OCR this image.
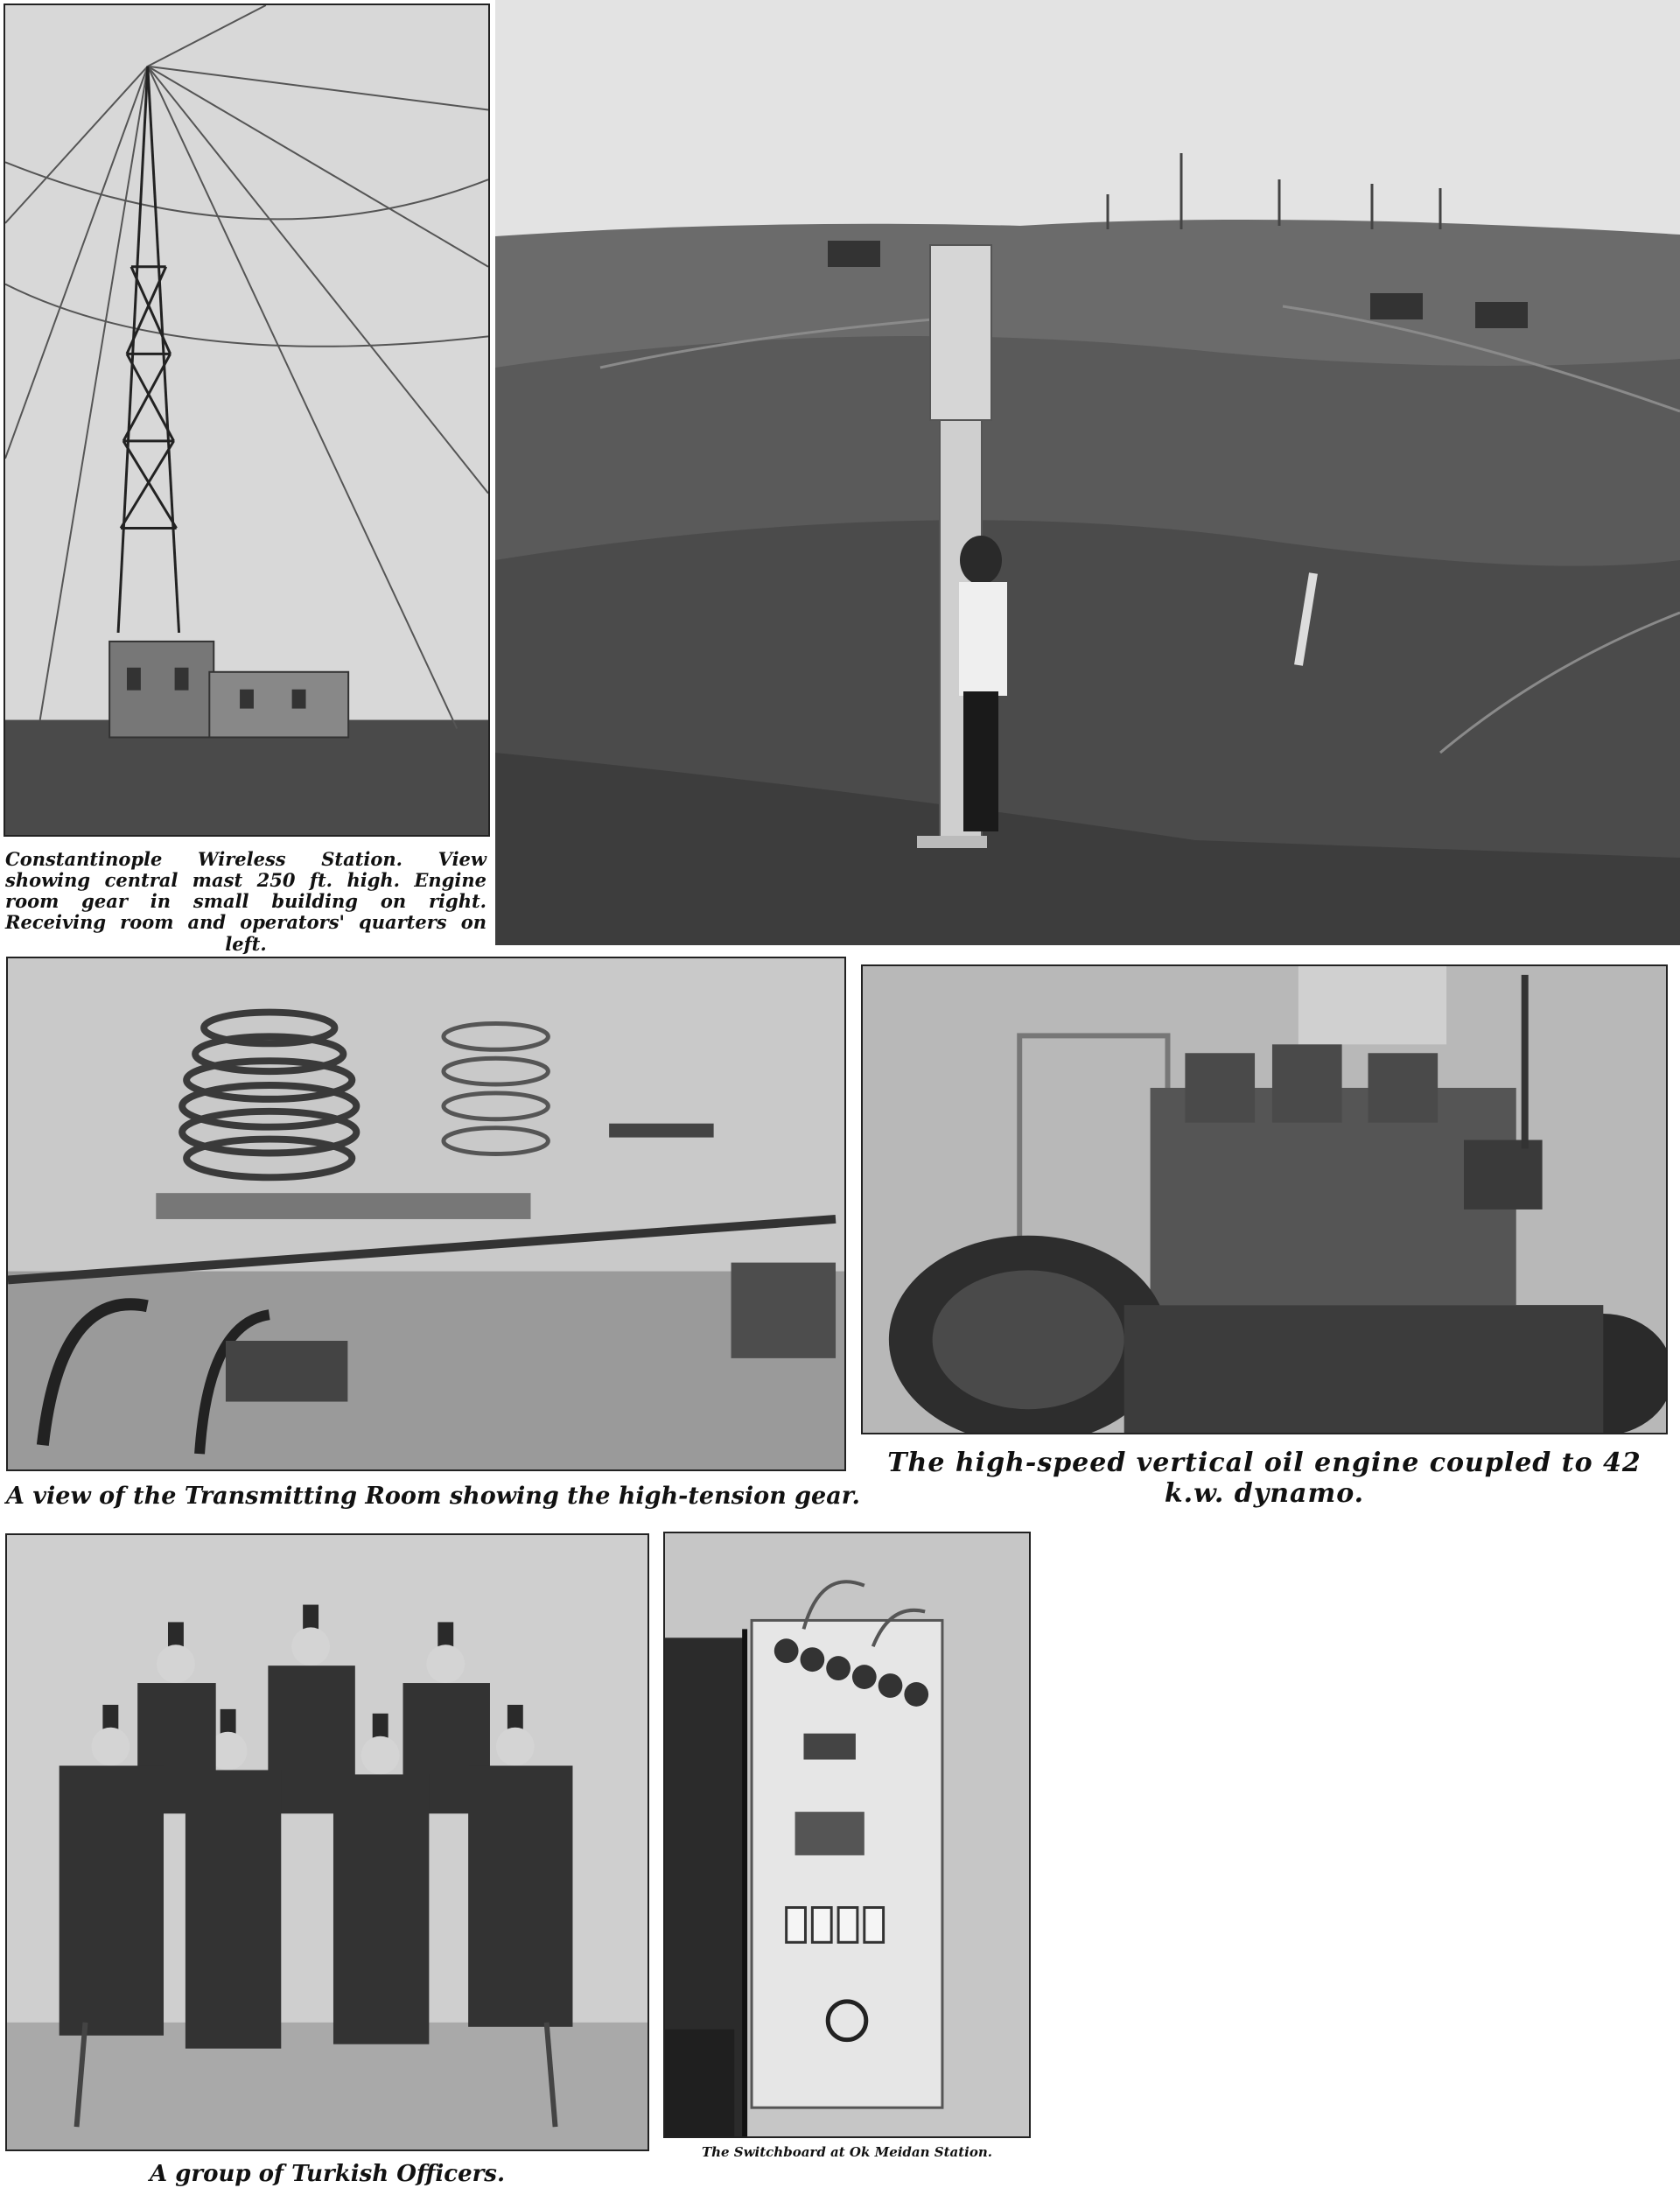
Constantinople Wireless Station. View showing central mast 250 ft. high. Engine room gear in small building on right. Receiving room and operators' quarters on left.
A view of the Transmitting Room showing the high-tension gear.
The high-speed vertical oil engine coupled to 42 k.w. dynamo.
A group of Turkish Officers.
The Switchboard at Ok Meidan Station.
